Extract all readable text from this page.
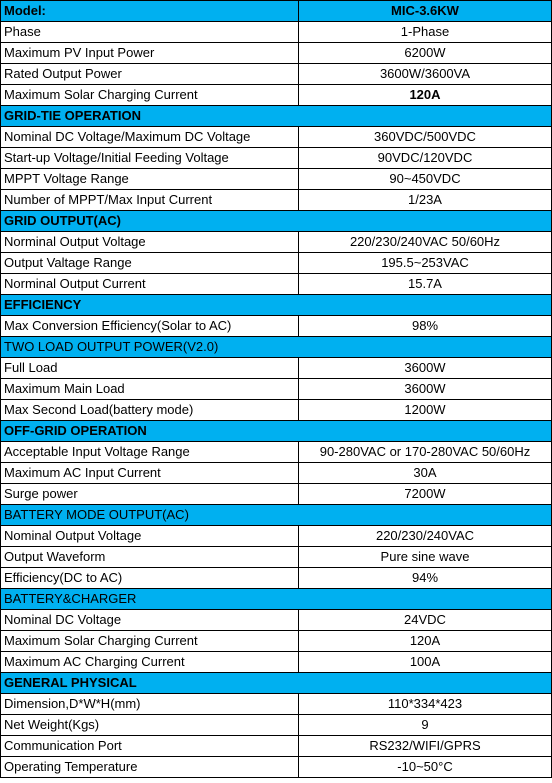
Model:	MIC-3.6KW
Phase	1-Phase
Maximum PV Input Power	6200W
Rated Output Power	3600W/3600VA
Maximum Solar Charging Current	120A
GRID-TIE OPERATION	
Nominal DC Voltage/Maximum DC Voltage	360VDC/500VDC
Start-up Voltage/Initial Feeding Voltage	90VDC/120VDC
MPPT Voltage Range	90~450VDC
Number of MPPT/Max Input Current	1/23A
GRID OUTPUT(AC)	
Norminal Output Voltage	220/230/240VAC 50/60Hz
Output Valtage Range	195.5~253VAC
Norminal Output Current	15.7A
EFFICIENCY	
Max Conversion Efficiency(Solar to AC)	98%
TWO LOAD OUTPUT POWER(V2.0)	
Full Load	3600W
Maximum Main Load	3600W
Max Second Load(battery mode)	1200W
OFF-GRID OPERATION	
Acceptable Input Voltage Range	90-280VAC or 170-280VAC 50/60Hz
Maximum AC Input Current	30A
Surge power	7200W
BATTERY MODE OUTPUT(AC)	
Nominal Output Voltage	220/230/240VAC
Output Waveform	Pure sine wave
Efficiency(DC to AC)	94%
BATTERY&CHARGER	
Nominal DC Voltage	24VDC
Maximum Solar Charging Current	120A
Maximum AC Charging Current	100A
GENERAL PHYSICAL	
Dimension,D*W*H(mm)	110*334*423
Net Weight(Kgs)	9
Communication Port	RS232/WIFI/GPRS
Operating Temperature	-10~50°C
